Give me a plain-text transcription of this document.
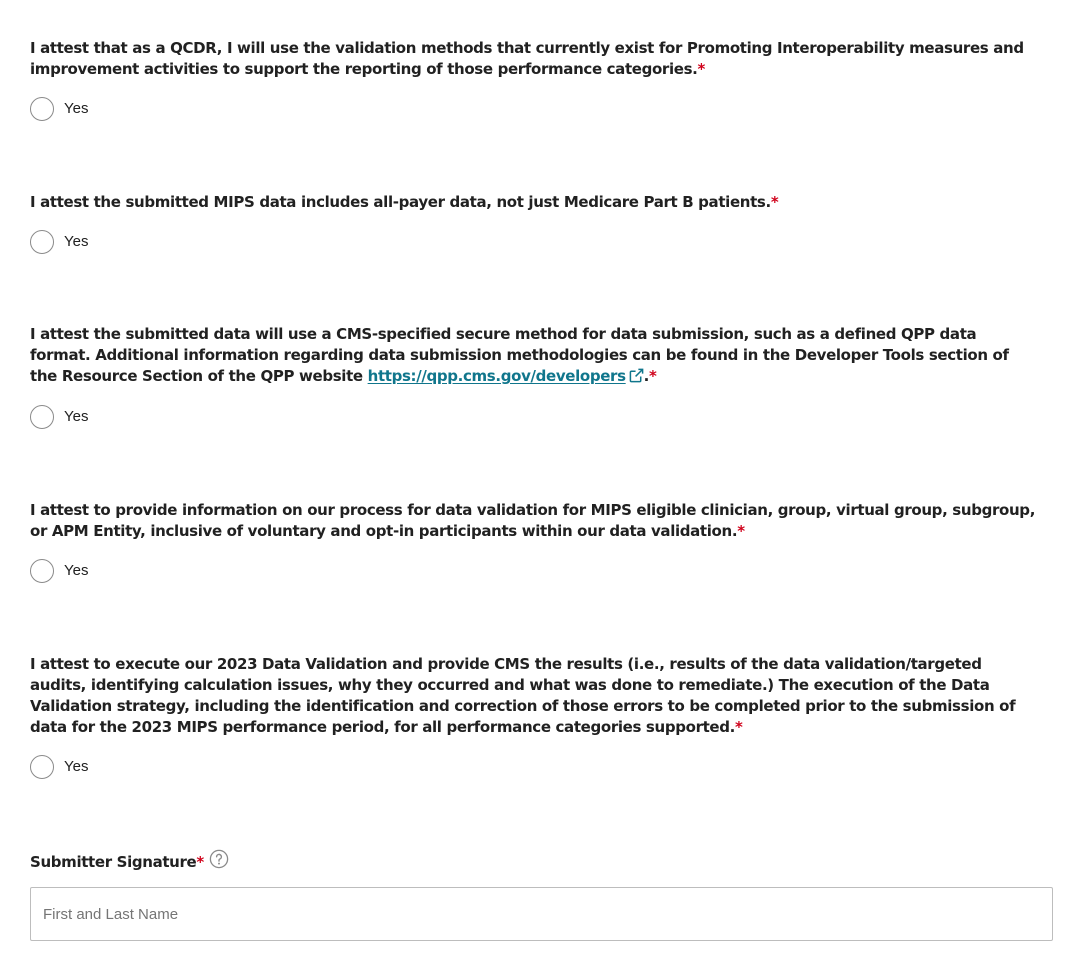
I attest that as a QCDR, I will use the validation methods that currently exist for Promoting Interoperability measures and improvement activities to support the reporting of those performance categories.*

Yes

I attest the submitted MIPS data includes all-payer data, not just Medicare Part B patients.*

Yes

I attest the submitted data will use a CMS-specified secure method for data submission, such as a defined QPP data format. Additional information regarding data submission methodologies can be found in the Developer Tools section of the Resource Section of the QPP website https://qpp.cms.gov/developers .*

Yes

I attest to provide information on our process for data validation for MIPS eligible clinician, group, virtual group, subgroup, or APM Entity, inclusive of voluntary and opt-in participants within our data validation.*

Yes

I attest to execute our 2023 Data Validation and provide CMS the results (i.e., results of the data validation/targeted audits, identifying calculation issues, why they occurred and what was done to remediate.) The execution of the Data Validation strategy, including the identification and correction of those errors to be completed prior to the submission of data for the 2023 MIPS performance period, for all performance categories supported.*

Yes
Submitter Signature*
First and Last Name
